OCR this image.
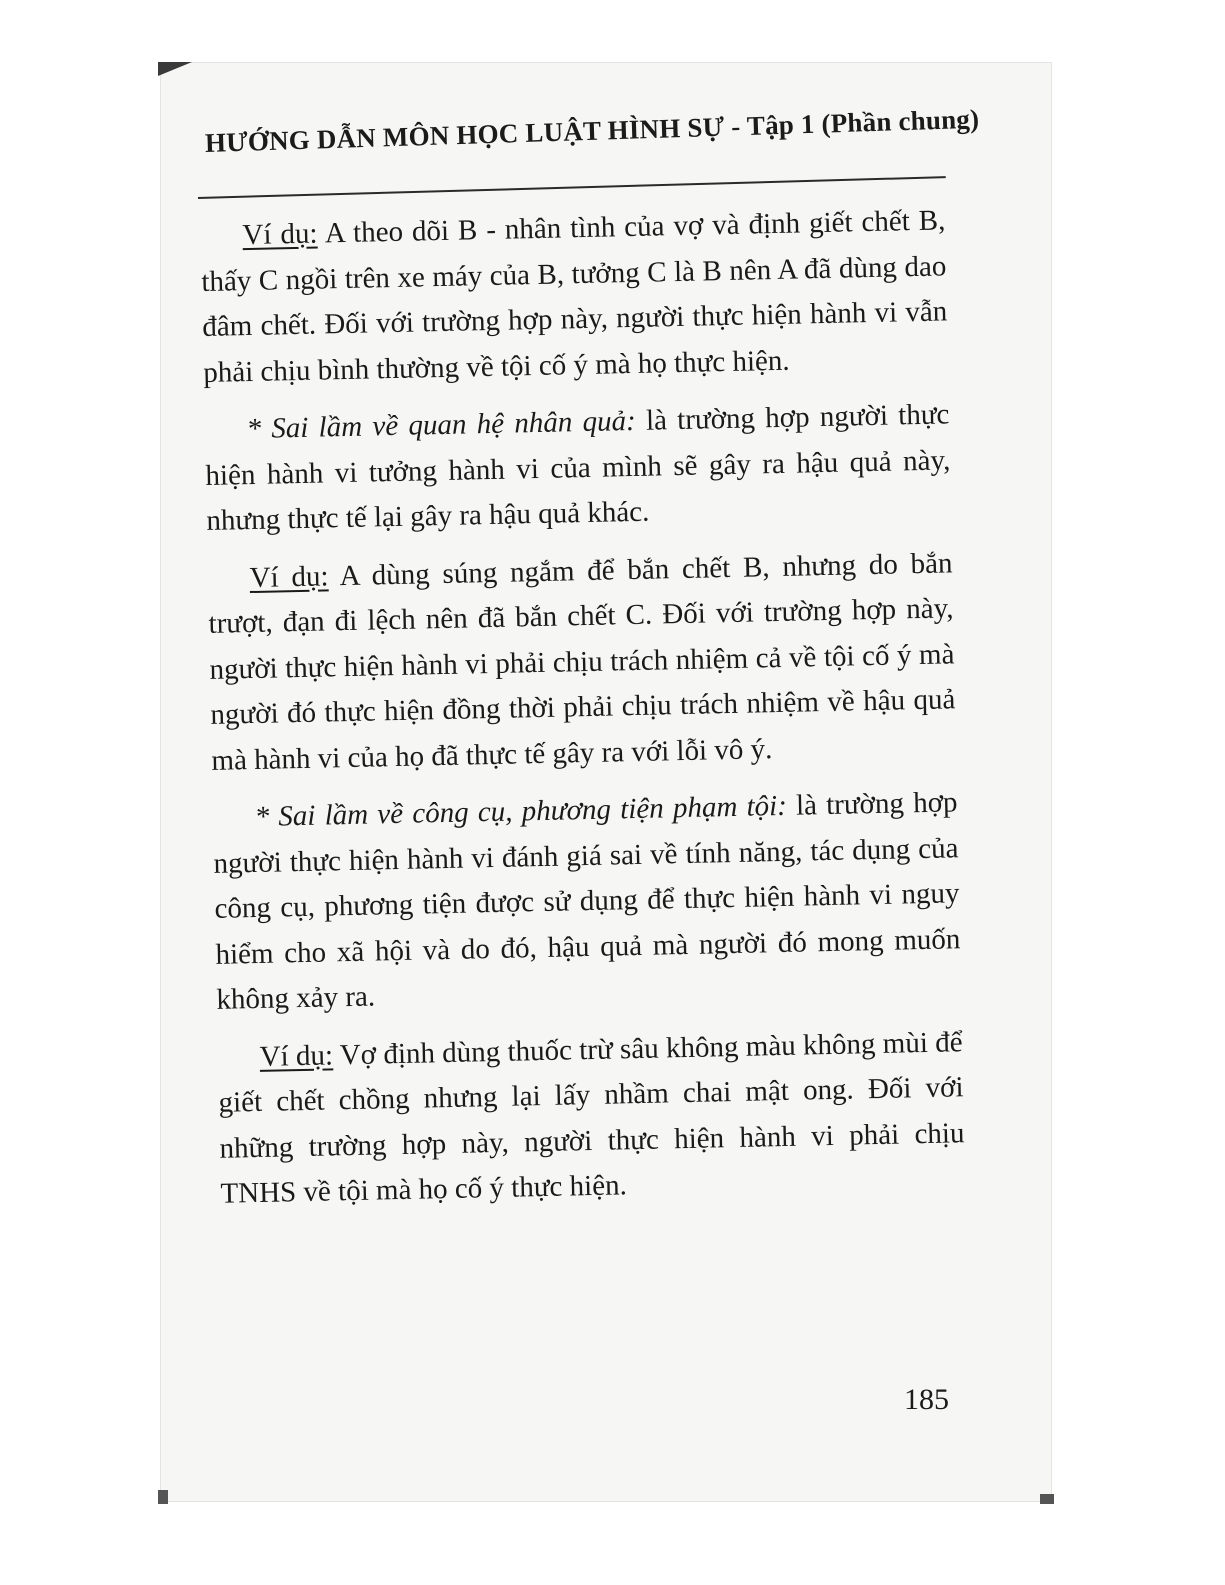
HƯỚNG DẪN MÔN HỌC LUẬT HÌNH SỰ - Tập 1 (Phần chung)

Ví dụ: A theo dõi B - nhân tình của vợ và định giết chết B, thấy C ngồi trên xe máy của B, tưởng C là B nên A đã dùng dao đâm chết. Đối với trường hợp này, người thực hiện hành vi vẫn phải chịu bình thường về tội cố ý mà họ thực hiện.

* Sai lầm về quan hệ nhân quả: là trường hợp người thực hiện hành vi tưởng hành vi của mình sẽ gây ra hậu quả này, nhưng thực tế lại gây ra hậu quả khác.

Ví dụ: A dùng súng ngắm để bắn chết B, nhưng do bắn trượt, đạn đi lệch nên đã bắn chết C. Đối với trường hợp này, người thực hiện hành vi phải chịu trách nhiệm cả về tội cố ý mà người đó thực hiện đồng thời phải chịu trách nhiệm về hậu quả mà hành vi của họ đã thực tế gây ra với lỗi vô ý.

* Sai lầm về công cụ, phương tiện phạm tội: là trường hợp người thực hiện hành vi đánh giá sai về tính năng, tác dụng của công cụ, phương tiện được sử dụng để thực hiện hành vi nguy hiểm cho xã hội và do đó, hậu quả mà người đó mong muốn không xảy ra.

Ví dụ: Vợ định dùng thuốc trừ sâu không màu không mùi để giết chết chồng nhưng lại lấy nhầm chai mật ong. Đối với những trường hợp này, người thực hiện hành vi phải chịu TNHS về tội mà họ cố ý thực hiện.

185
